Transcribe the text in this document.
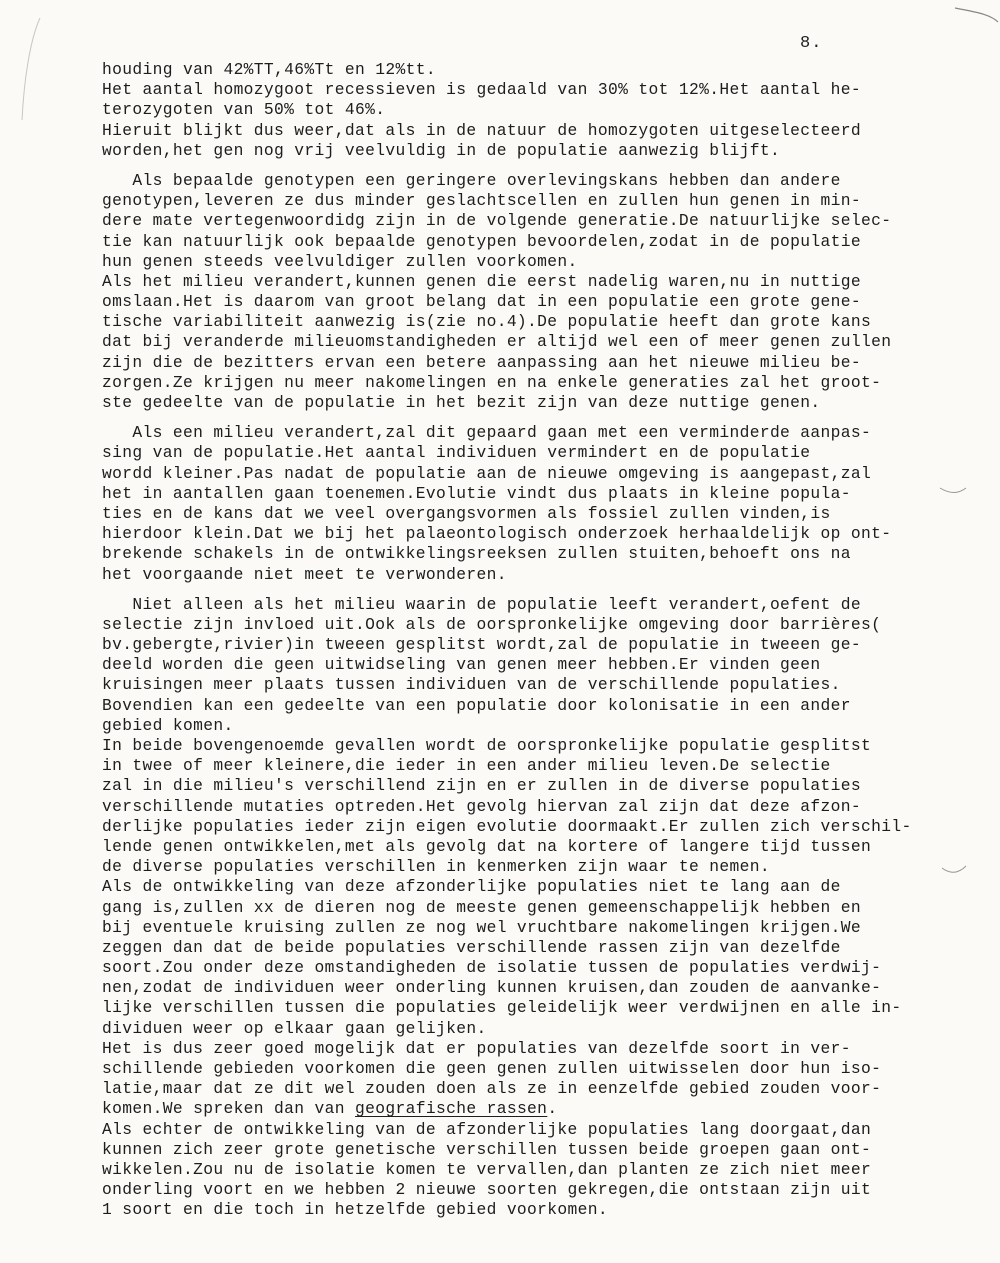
8.
houding van 42%TT,46%Tt en 12%tt.
Het aantal homozygoot recessieven is gedaald van 30% tot 12%.Het aantal he-
terozygoten van 50% tot 46%.
Hieruit blijkt dus weer,dat als in de natuur de homozygoten uitgeselecteerd
worden,het gen nog vrij veelvuldig in de populatie aanwezig blijft.
Als bepaalde genotypen een geringere overlevingskans hebben dan andere
genotypen,leveren ze dus minder geslachtscellen en zullen hun genen in min-
dere mate vertegenwoordidg zijn in de volgende generatie.De natuurlijke selec-
tie kan natuurlijk ook bepaalde genotypen bevoordelen,zodat in de populatie
hun genen steeds veelvuldiger zullen voorkomen.
Als het milieu verandert,kunnen genen die eerst nadelig waren,nu in nuttige
omslaan.Het is daarom van groot belang dat in een populatie een grote gene-
tische variabiliteit aanwezig is(zie no.4).De populatie heeft dan grote kans
dat bij veranderde milieuomstandigheden er altijd wel een of meer genen zullen
zijn die de bezitters ervan een betere aanpassing aan het nieuwe milieu be-
zorgen.Ze krijgen nu meer nakomelingen en na enkele generaties zal het groot-
ste gedeelte van de populatie in het bezit zijn van deze nuttige genen.
Als een milieu verandert,zal dit gepaard gaan met een verminderde aanpas-
sing van de populatie.Het aantal individuen vermindert en de populatie
wordd kleiner.Pas nadat de populatie aan de nieuwe omgeving is aangepast,zal
het in aantallen gaan toenemen.Evolutie vindt dus plaats in kleine popula-
ties en de kans dat we veel overgangsvormen als fossiel zullen vinden,is
hierdoor klein.Dat we bij het palaeontologisch onderzoek herhaaldelijk op ont-
brekende schakels in de ontwikkelingsreeksen zullen stuiten,behoeft ons na
het voorgaande niet meet te verwonderen.
Niet alleen als het milieu waarin de populatie leeft verandert,oefent de
selectie zijn invloed uit.Ook als de oorspronkelijke omgeving door barrières(
bv.gebergte,rivier)in tweeen gesplitst wordt,zal de populatie in tweeen ge-
deeld worden die geen uitwidseling van genen meer hebben.Er vinden geen
kruisingen meer plaats tussen individuen van de verschillende populaties.
Bovendien kan een gedeelte van een populatie door kolonisatie in een ander
gebied komen.
In beide bovengenoemde gevallen wordt de oorspronkelijke populatie gesplitst
in twee of meer kleinere,die ieder in een ander milieu leven.De selectie
zal in die milieu's verschillend zijn en er zullen in de diverse populaties
verschillende mutaties optreden.Het gevolg hiervan zal zijn dat deze afzon-
derlijke populaties ieder zijn eigen evolutie doormaakt.Er zullen zich verschil-
lende genen ontwikkelen,met als gevolg dat na kortere of langere tijd tussen
de diverse populaties verschillen in kenmerken zijn waar te nemen.
Als de ontwikkeling van deze afzonderlijke populaties niet te lang aan de
gang is,zullen xx de dieren nog de meeste genen gemeenschappelijk hebben en
bij eventuele kruising zullen ze nog wel vruchtbare nakomelingen krijgen.We
zeggen dan dat de beide populaties verschillende rassen zijn van dezelfde
soort.Zou onder deze omstandigheden de isolatie tussen de populaties verdwij-
nen,zodat de individuen weer onderling kunnen kruisen,dan zouden de aanvanke-
lijke verschillen tussen die populaties geleidelijk weer verdwijnen en alle in-
dividuen weer op elkaar gaan gelijken.
Het is dus zeer goed mogelijk dat er populaties van dezelfde soort in ver-
schillende gebieden voorkomen die geen genen zullen uitwisselen door hun iso-
latie,maar dat ze dit wel zouden doen als ze in eenzelfde gebied zouden voor-
komen.We spreken dan van geografische rassen.
Als echter de ontwikkeling van de afzonderlijke populaties lang doorgaat,dan
kunnen zich zeer grote genetische verschillen tussen beide groepen gaan ont-
wikkelen.Zou nu de isolatie komen te vervallen,dan planten ze zich niet meer
onderling voort en we hebben 2 nieuwe soorten gekregen,die ontstaan zijn uit
1 soort en die toch in hetzelfde gebied voorkomen.
